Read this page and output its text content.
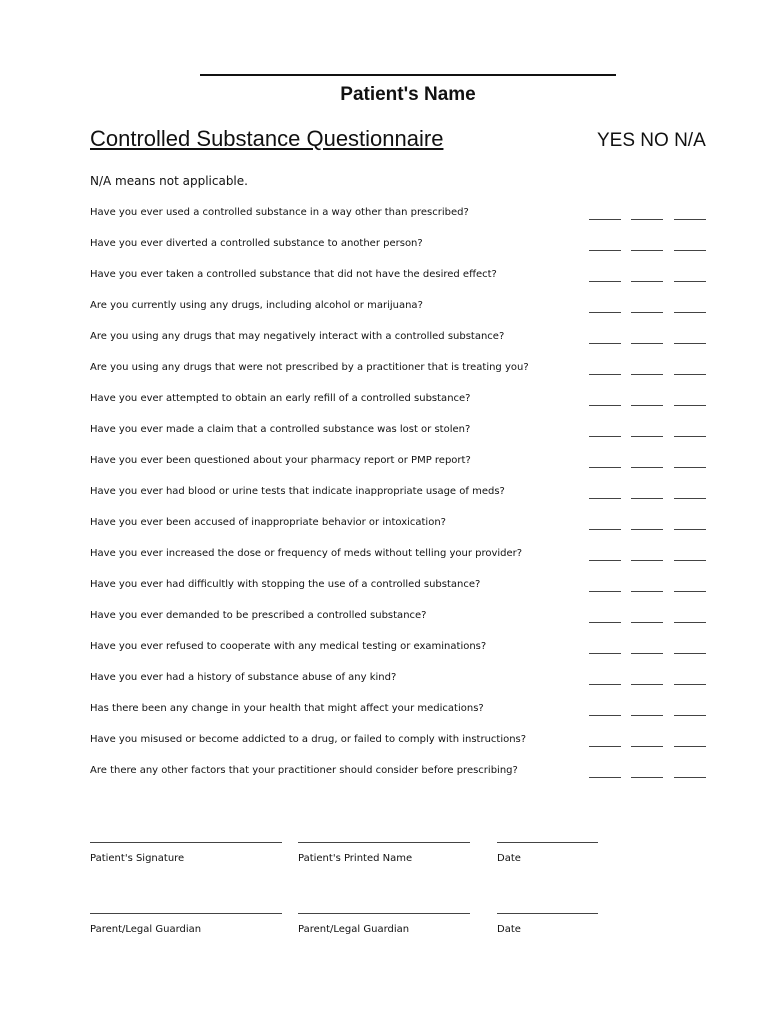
Patient's Name
Controlled Substance Questionnaire	YES NO N/A
N/A means not applicable.
Have you ever used a controlled substance in a way other than prescribed?
Have you ever diverted a controlled substance to another person?
Have you ever taken a controlled substance that did not have the desired effect?
Are you currently using any drugs, including alcohol or marijuana?
Are you using any drugs that may negatively interact with a controlled substance?
Are you using any drugs that were not prescribed by a practitioner that is treating you?
Have you ever attempted to obtain an early refill of a controlled substance?
Have you ever made a claim that a controlled substance was lost or stolen?
Have you ever been questioned about your pharmacy report or PMP report?
Have you ever had blood or urine tests that indicate inappropriate usage of meds?
Have you ever been accused of inappropriate behavior or intoxication?
Have you ever increased the dose or frequency of meds without telling your provider?
Have you ever had difficultly with stopping the use of a controlled substance?
Have you ever demanded to be prescribed a controlled substance?
Have you ever refused to cooperate with any medical testing or examinations?
Have you ever had a history of substance abuse of any kind?
Has there been any change in your health that might affect your medications?
Have you misused or become addicted to a drug, or failed to comply with instructions?
Are there any other factors that your practitioner should consider before prescribing?
Patient's Signature	Patient's Printed Name	Date
Parent/Legal Guardian	Parent/Legal Guardian	Date
